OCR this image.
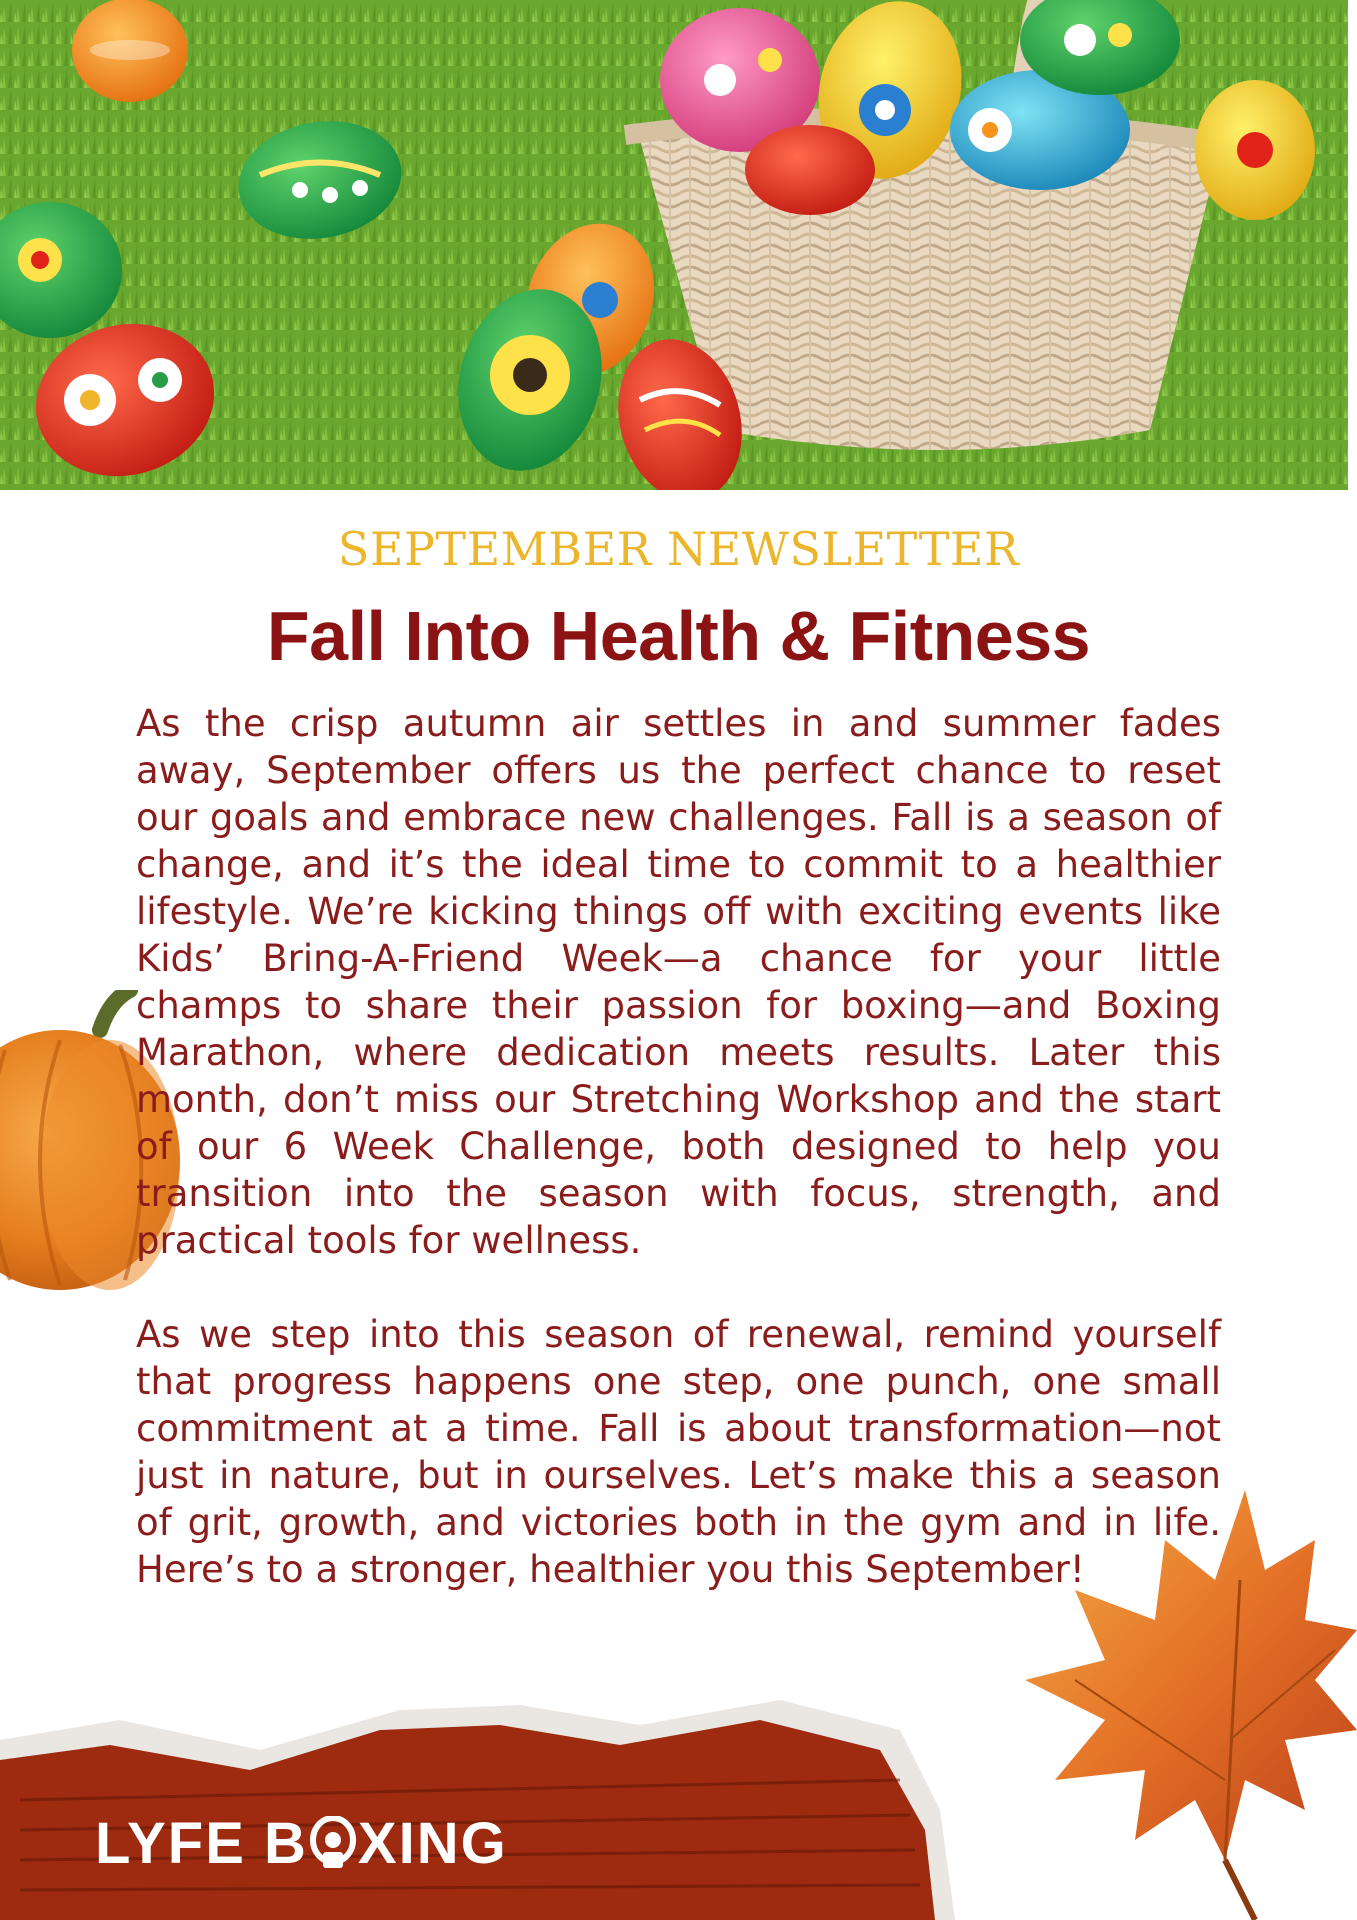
SEPTEMBER NEWSLETTER
Fall Into Health & Fitness

As the crisp autumn air settles in and summer fades away, September offers us the perfect chance to reset our goals and embrace new challenges. Fall is a season of change, and it’s the ideal time to commit to a healthier lifestyle. We’re kicking things off with exciting events like Kids’ Bring-A-Friend Week—a chance for your little champs to share their passion for boxing—and Boxing Marathon, where dedication meets results. Later this month, don’t miss our Stretching Workshop and the start of our 6 Week Challenge, both designed to help you transition into the season with focus, strength, and practical tools for wellness.

As we step into this season of renewal, remind yourself that progress happens one step, one punch, one small commitment at a time. Fall is about transformation—not just in nature, but in ourselves. Let’s make this a season of grit, growth, and victories both in the gym and in life. Here’s to a stronger, healthier you this September!

LYFE B XING
